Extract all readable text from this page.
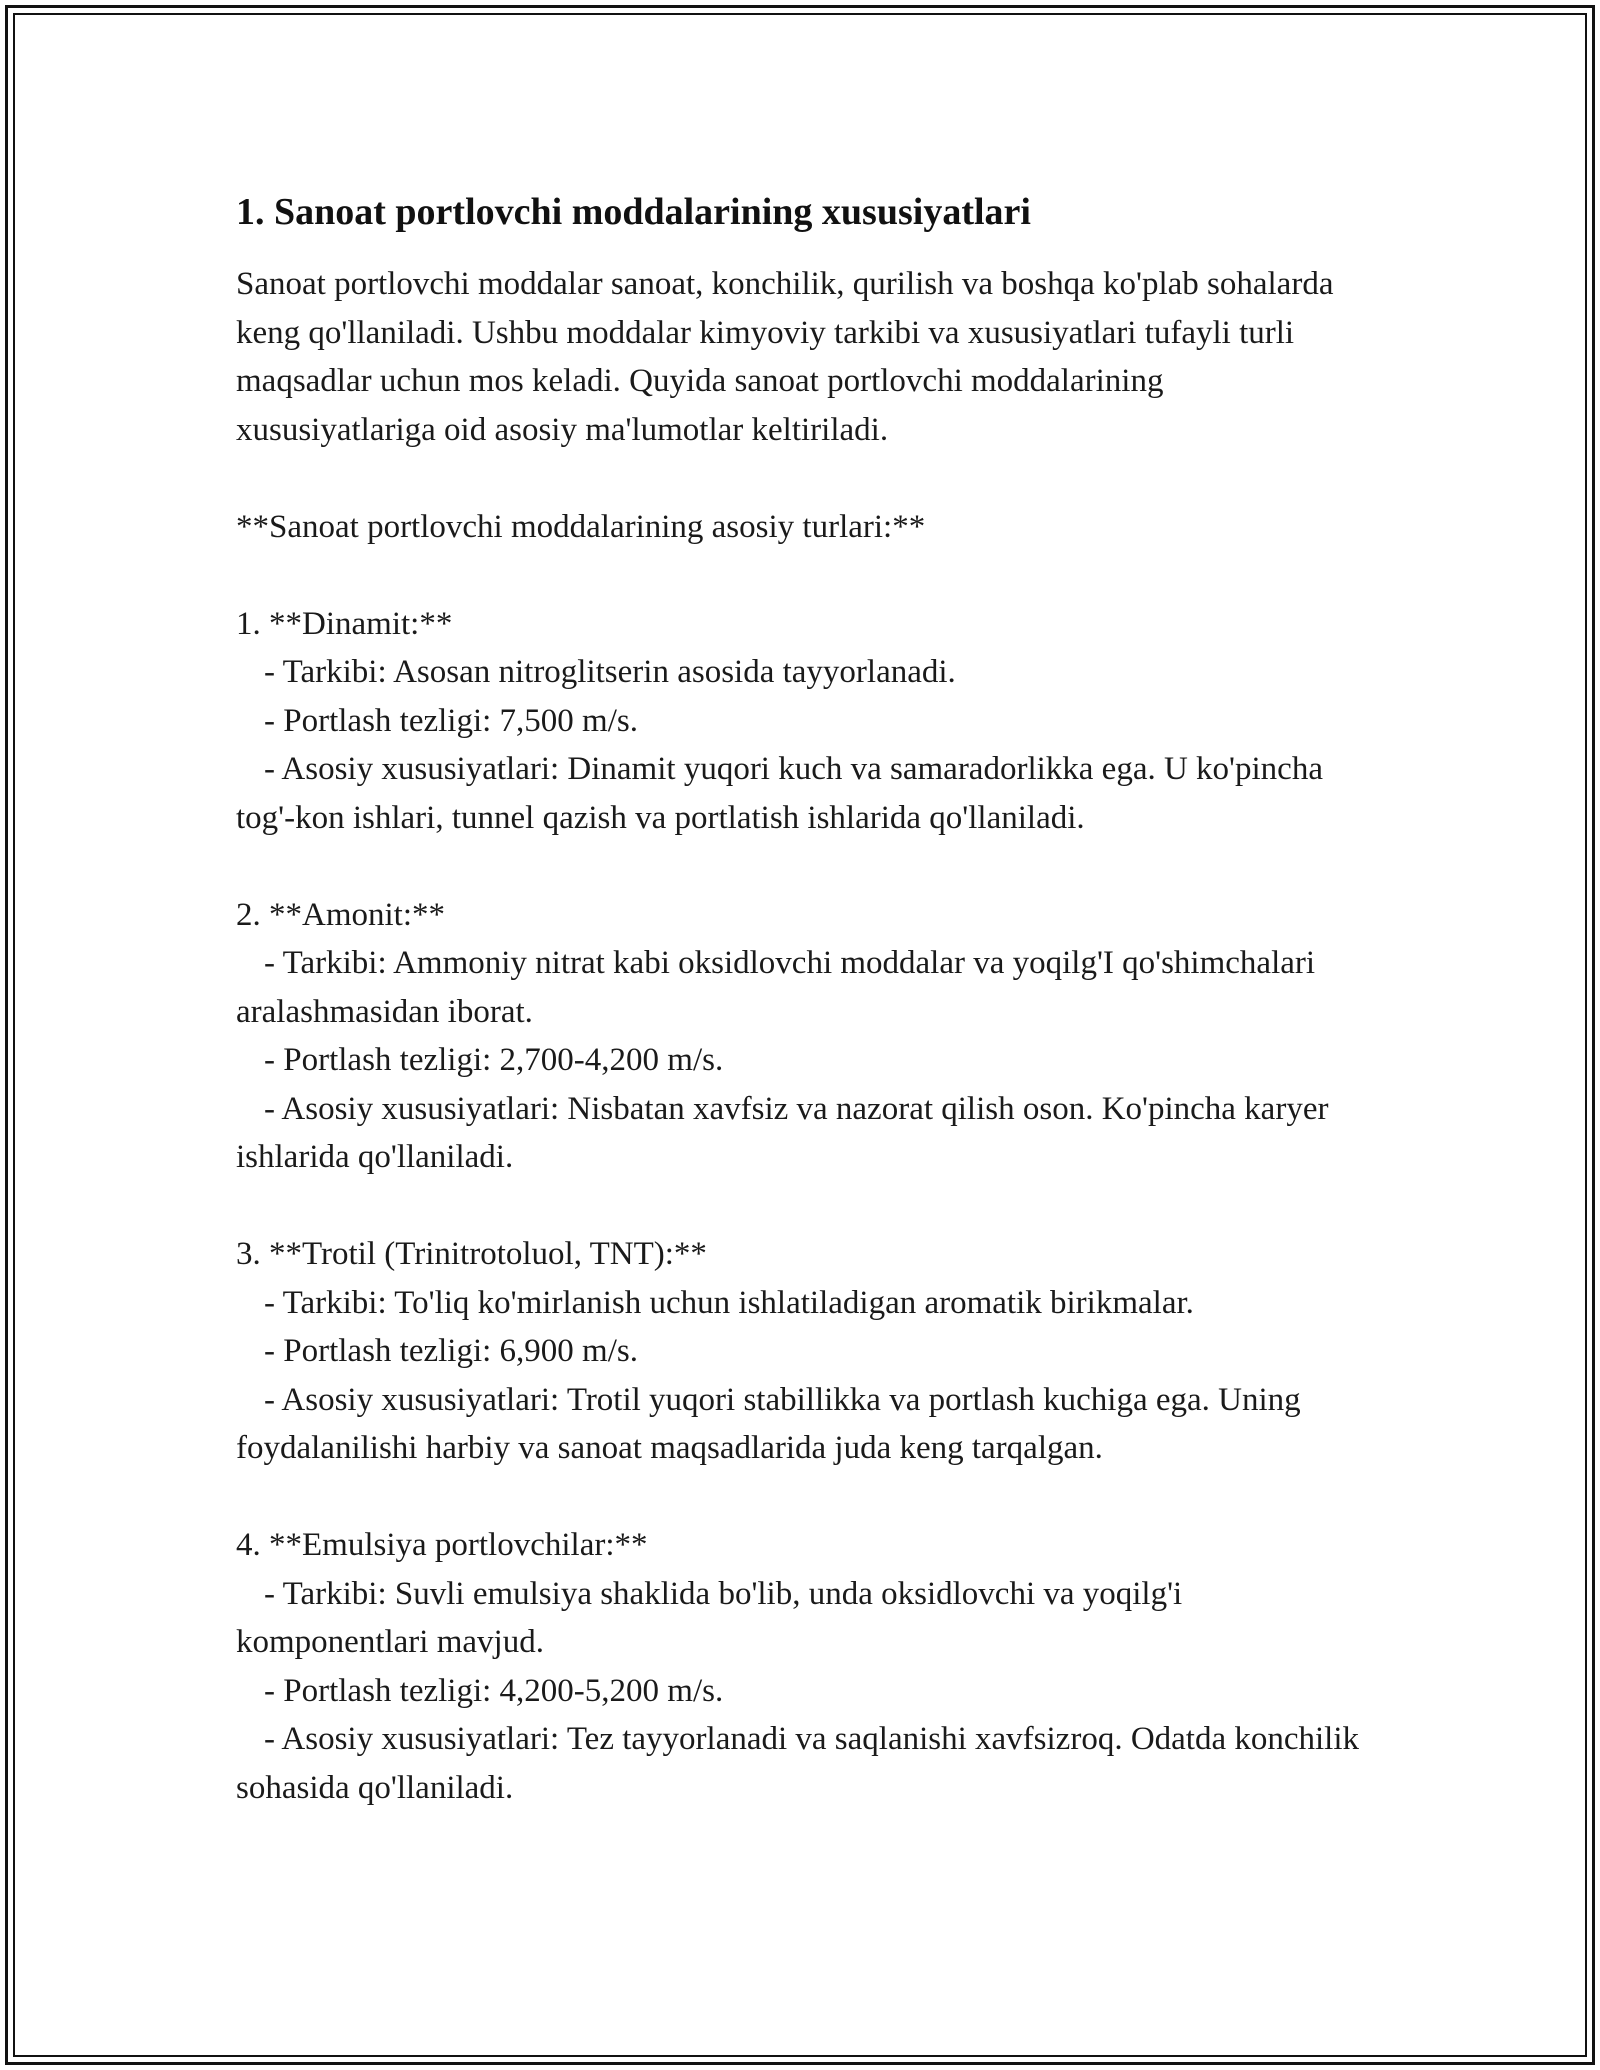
1. Sanoat portlovchi moddalarining xususiyatlari

Sanoat portlovchi moddalar sanoat, konchilik, qurilish va boshqa ko'plab sohalarda keng qo'llaniladi. Ushbu moddalar kimyoviy tarkibi va xususiyatlari tufayli turli maqsadlar uchun mos keladi. Quyida sanoat portlovchi moddalarining xususiyatlariga oid asosiy ma'lumotlar keltiriladi.

**Sanoat portlovchi moddalarining asosiy turlari:**

1. **Dinamit:**

- Tarkibi: Asosan nitroglitserin asosida tayyorlanadi.

- Portlash tezligi: 7,500 m/s.

- Asosiy xususiyatlari: Dinamit yuqori kuch va samaradorlikka ega. U ko'pincha tog'-kon ishlari, tunnel qazish va portlatish ishlarida qo'llaniladi.

2. **Amonit:**

- Tarkibi: Ammoniy nitrat kabi oksidlovchi moddalar va yoqilg'I qo'shimchalari aralashmasidan iborat.

- Portlash tezligi: 2,700-4,200 m/s.

- Asosiy xususiyatlari: Nisbatan xavfsiz va nazorat qilish oson. Ko'pincha karyer ishlarida qo'llaniladi.

3. **Trotil (Trinitrotoluol, TNT):**

- Tarkibi: To'liq ko'mirlanish uchun ishlatiladigan aromatik birikmalar.

- Portlash tezligi: 6,900 m/s.

- Asosiy xususiyatlari: Trotil yuqori stabillikka va portlash kuchiga ega. Uning foydalanilishi harbiy va sanoat maqsadlarida juda keng tarqalgan.

4. **Emulsiya portlovchilar:**

- Tarkibi: Suvli emulsiya shaklida bo'lib, unda oksidlovchi va yoqilg'i komponentlari mavjud.

- Portlash tezligi: 4,200-5,200 m/s.

- Asosiy xususiyatlari: Tez tayyorlanadi va saqlanishi xavfsizroq. Odatda konchilik sohasida qo'llaniladi.
